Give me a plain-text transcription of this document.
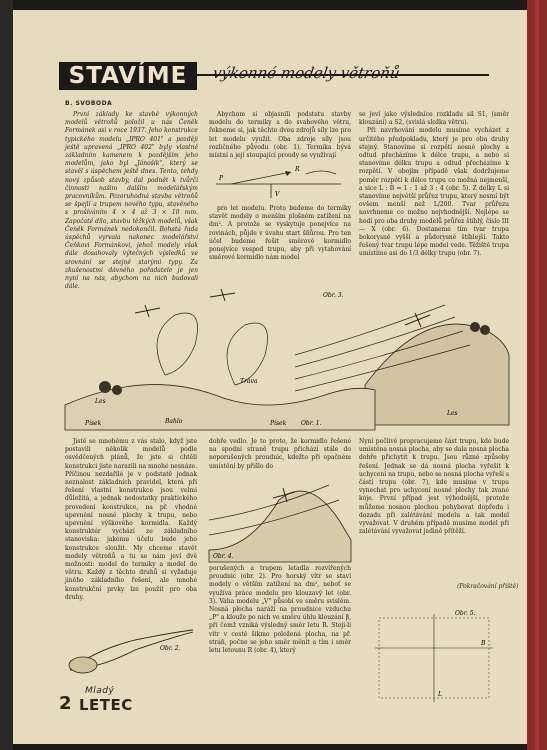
STAVÍME	výkonné modely větroňů
B. SVOBODA

První základy ke stavbě výkonných modelů větroňů položil u nás Čeněk Formánek asi v roce 1937. Jeho konstrukce typického modelu „IPRO 401" a později ještě upravená „IPRO 402" byly vlastně základním kamenem k pozdějším jeho modelům, jako byl „Jánošík", který se stavěl s úspěchem ještě dnes. Tento, tehdy nový způsob stavby, dal podnět k tvůrčí činnosti našim dalším modelářským pracovníkům. Pozoruhodná stavba větroňů se špejlí a trupem nového typu, stavěného s prošíváním 4 × 4 až 3 × 10 mm. Započaté dílo, stavbu těžkých modelů, však Čeněk Formánek nedokončil. Bohatá řada úspěchů vyrvala nakonec modelářství Čeňkovi Formánkovi, jehož modely však dále dosahovaly výtečných výsledků ve srovnání se stejně starými typy. Za zkušenostmi dávného pořadatele je jen nyní na nás, abychom na nich budovali dále.

Abychom si objasnili podstatu stavby modelu do termiky a do svahového větru, řekneme si, jak těchto dvou zdrojů síly lze pro let modelu využít. Oba zdroje síly jsou rozličného původu (obr. 1). Termika bývá místní a její stoupající proudy se využívají

P
V
R

pro let modelu. Proto budeme do termiky stavět modely o menším plošném zatížení na dm². A protože se vyskytuje ponejvíce na rovinách, půjde v úvahu start šňůrou. Pro ten účel budeme řešit směrové kormidlo ponejvíce vespod trupu, aby při vytahování směrové kormidlo nám model

se jeví jako výsledníce rozkladu sil S1, (směr klouzání) a S2, (svislá složka větru).

Při navrhování modelu musíme vycházet z určitého předpokladu, který je pro oba druhy stejný. Stanovíme si rozpětí nosné plochy a odtud přecházíme k délce trupu, a nebo si stanovíme délku trupu a odtud přecházíme k rozpětí. V obojím případě však dodržujeme poměr rozpětí k délce trupu co možná nejmenší, a sice L : B = 1 : 1 až 3 : 4 (obr. 5). Z délky L si stanovíme největší průřez trupu, který nesmí být ovšem menší než L/200. Tvar průřezu navrhneme co možno nejvhodnější. Nejlépe se hodí pro oba druhy modelů průřez štíhlý, číslo III — X (obr. 6). Dostaneme tím tvar trupu bokorysně vyšší a půdorysně štíhlejší. Takto řešený tvar trupu lépe model vede. Těžiště trupu umístíme asi do 1/3 délky trupu (obr. 7).

Les
Písek	Bahlo
Tráva
Písek Obr. 1.
Obr. 3.
Les

Jistě se mnohému z vás stalo, když jste postavili několik modelů podle osvědčených plánů, že jste si chtěli konstrukci jiste narazili na mnohé nesnáze. Příčinou nezdařilé je v podstatě jednak neznalost základních pravidel, která při řešení vlastní konstrukce jsou velmi důležitá, a jednak nedostatky praktického provedení konstrukce, na př. vhodné upevnění nosné plochy k trupu, nebo upevnění výškového kormidla. Každý konstruktér vychází ze základního stanoviska: jakému účelu bude jeho konstrukce sloužit. My chceme stavět modely větroňů a tu se nám jeví dvě možnosti: model do termiky a model do větru. Každý z těchto druhů si vyžaduje jiného základního řešení, ale mnohé konstrukční prvky lze použít pro oba druhy.

dobře vedlo. Je to proto, že kormidlo řešené na spodní straně trupu přichází stále do neporušených proudnic, kdežto při opačném umístění by přišlo do

Obr. 4.

porušených a trupem letadla rozvířených proudnic (obr. 2). Pro horský vítr se staví modely o větším zatížení na dm², neboť se využívá práce modelu pro klouzavý let (obr. 3). Váha modelu „V" působí ve směru svislém. Nosná plocha naráží na proudnice vzduchu „P" a klouže po nich ve směru úhlu klouzání β, při čemž vzniká výsledný směr letu R. Stoji-li vítr v cestě šikmo položená plocha, na př. stráň, počne se jeho směr měnit a tím i směr letu letounu R (obr. 4), který

Obr. 2.

Nyní pečlivě propracujeme část trupu, kde bude umístěna nosná plocha, aby se dala nosná plocha dobře přichytit k trupu. Jsou různé způsoby řešení. Jednak se dá nosná plocha vyřešit k uchycení na trupu, nebo se nosná plocha vyřeší s částí trupu (obr. 7), kde musíme v trupu vynechat pro uchycení nosné plochy tak zvané kóje. První případ jest výhodnější, protože můžeme nosnou plochou pohybovat dopředu i dozadu při zalétávání modelu a tak model vyvažovat. V druhém případě musíme model při zalétávání vyvažovat jedině přítěží.

(Pokračování příště)
Obr. 5.
L
B
2
Mladý
LETEC
